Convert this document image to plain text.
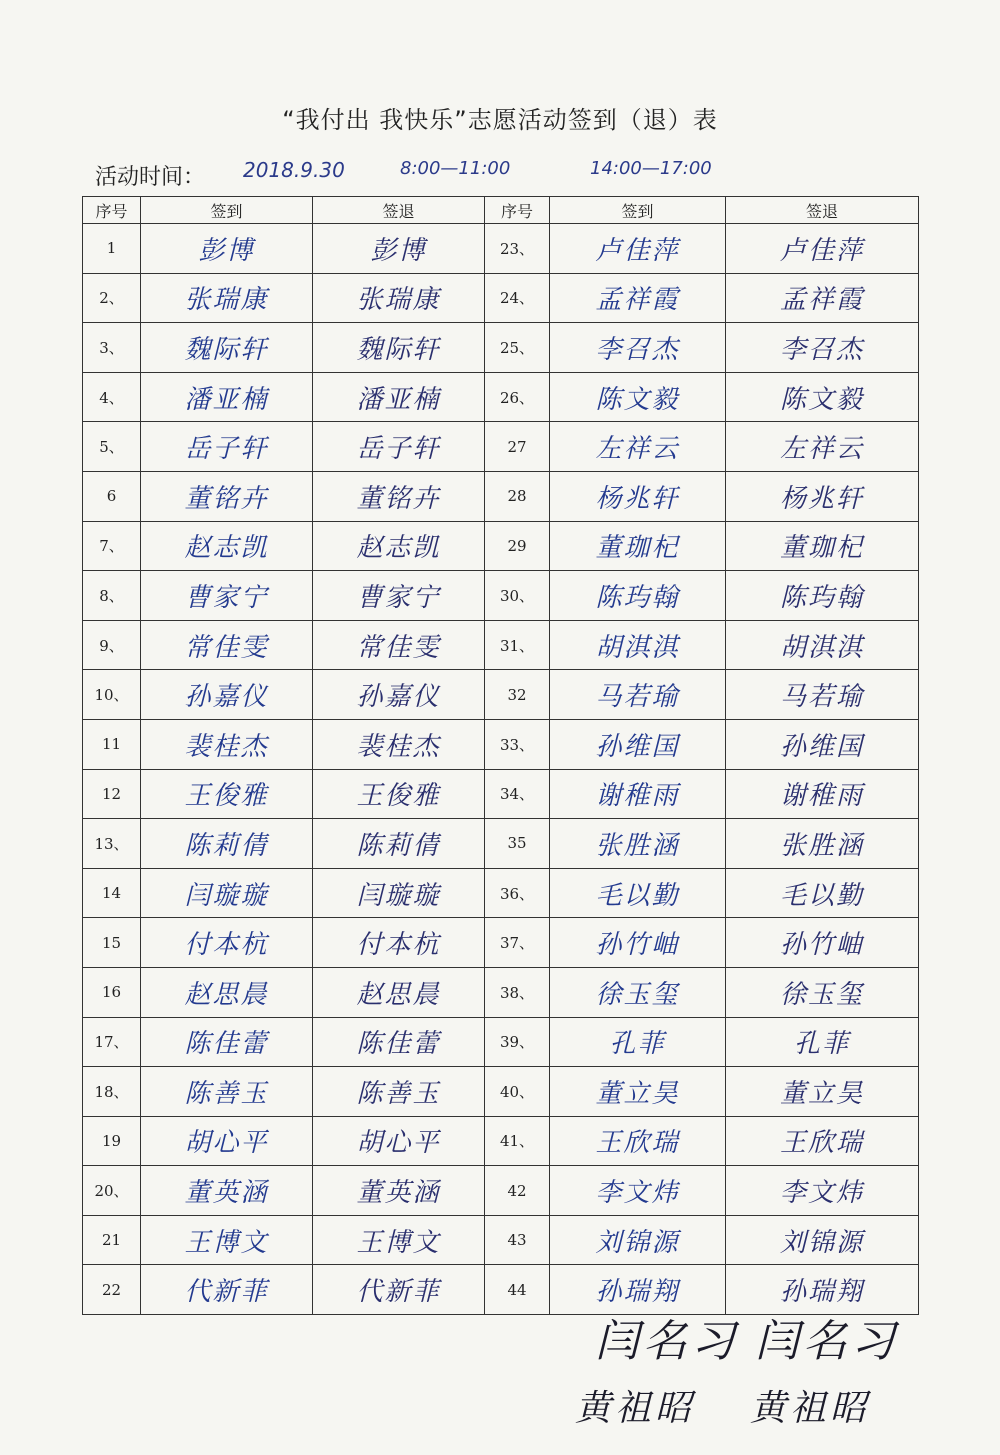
“我付出 我快乐”志愿活动签到（退）表
活动时间： 2018.9.30	8:00—11:00	14:00—17:00
序号	签到	签退	序号	签到	签退
1	彭博	彭博	23、	卢佳萍	卢佳萍
2、	张瑞康	张瑞康	24、	孟祥霞	孟祥霞
3、	魏际轩	魏际轩	25、	李召杰	李召杰
4、	潘亚楠	潘亚楠	26、	陈文毅	陈文毅
5、	岳子轩	岳子轩	27	左祥云	左祥云
6	董铭卉	董铭卉	28	杨兆轩	杨兆轩
7、	赵志凯	赵志凯	29	董珈杞	董珈杞
8、	曹家宁	曹家宁	30、	陈玙翰	陈玙翰
9、	常佳雯	常佳雯	31、	胡淇淇	胡淇淇
10、	孙嘉仪	孙嘉仪	32	马若瑜	马若瑜
11	裴桂杰	裴桂杰	33、	孙维国	孙维国
12	王俊雅	王俊雅	34、	谢稚雨	谢稚雨
13、	陈莉倩	陈莉倩	35	张胜涵	张胜涵
14	闫璇璇	闫璇璇	36、	毛以勤	毛以勤
15	付本杭	付本杭	37、	孙竹岫	孙竹岫
16	赵思晨	赵思晨	38、	徐玉玺	徐玉玺
17、	陈佳蕾	陈佳蕾	39、	孔菲	孔菲
18、	陈善玉	陈善玉	40、	董立昊	董立昊
19	胡心平	胡心平	41、	王欣瑞	王欣瑞
20、	董英涵	董英涵	42	李文炜	李文炜
21	王博文	王博文	43	刘锦源	刘锦源
22	代新菲	代新菲	44	孙瑞翔	孙瑞翔
闫名习 闫名习
黄祖昭 黄祖昭
